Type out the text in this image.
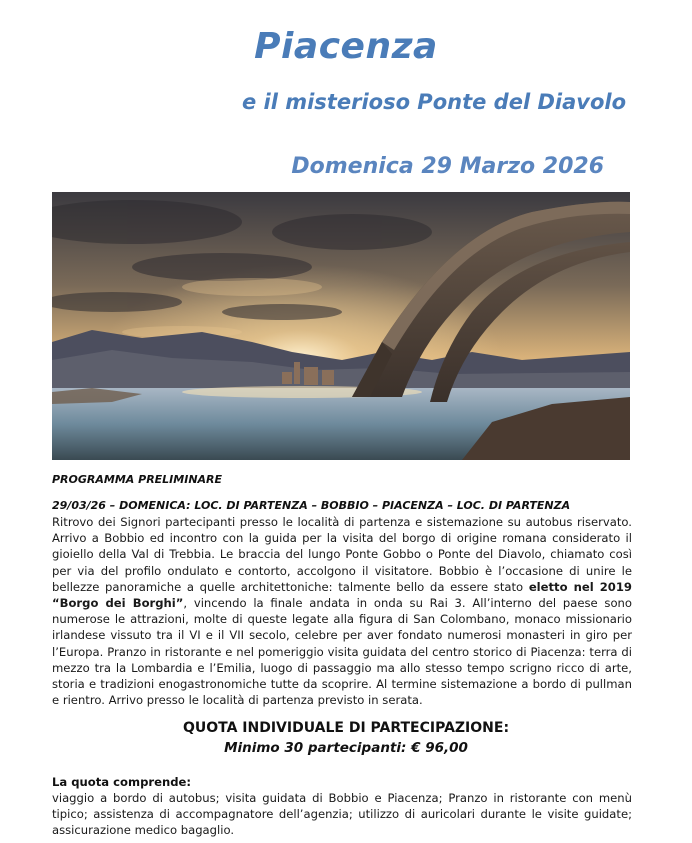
Piacenza
e il misterioso Ponte del Diavolo
Domenica 29 Marzo 2026
PROGRAMMA PRELIMINARE
29/03/26 – DOMENICA: LOC. DI PARTENZA – BOBBIO – PIACENZA – LOC. DI PARTENZA
Ritrovo dei Signori partecipanti presso le località di partenza e sistemazione su autobus riservato. Arrivo a Bobbio ed incontro con la guida per la visita del borgo di origine romana considerato il gioiello della Val di Trebbia. Le braccia del lungo Ponte Gobbo o Ponte del Diavolo, chiamato così per via del profilo ondulato e contorto, accolgono il visitatore. Bobbio è l’occasione di unire le bellezze panoramiche a quelle architettoniche: talmente bello da essere stato eletto nel 2019 “Borgo dei Borghi”, vincendo la finale andata in onda su Rai 3. All’interno del paese sono numerose le attrazioni, molte di queste legate alla figura di San Colombano, monaco missionario irlandese vissuto tra il VI e il VII secolo, celebre per aver fondato numerosi monasteri in giro per l’Europa. Pranzo in ristorante e nel pomeriggio visita guidata del centro storico di Piacenza: terra di mezzo tra la Lombardia e l’Emilia, luogo di passaggio ma allo stesso tempo scrigno ricco di arte, storia e tradizioni enogastronomiche tutte da scoprire. Al termine sistemazione a bordo di pullman e rientro. Arrivo presso le località di partenza previsto in serata.
QUOTA INDIVIDUALE DI PARTECIPAZIONE:
Minimo 30 partecipanti: € 96,00
La quota comprende:
viaggio a bordo di autobus; visita guidata di Bobbio e Piacenza; Pranzo in ristorante con menù tipico; assistenza di accompagnatore dell’agenzia; utilizzo di auricolari durante le visite guidate; assicurazione medico bagaglio.
